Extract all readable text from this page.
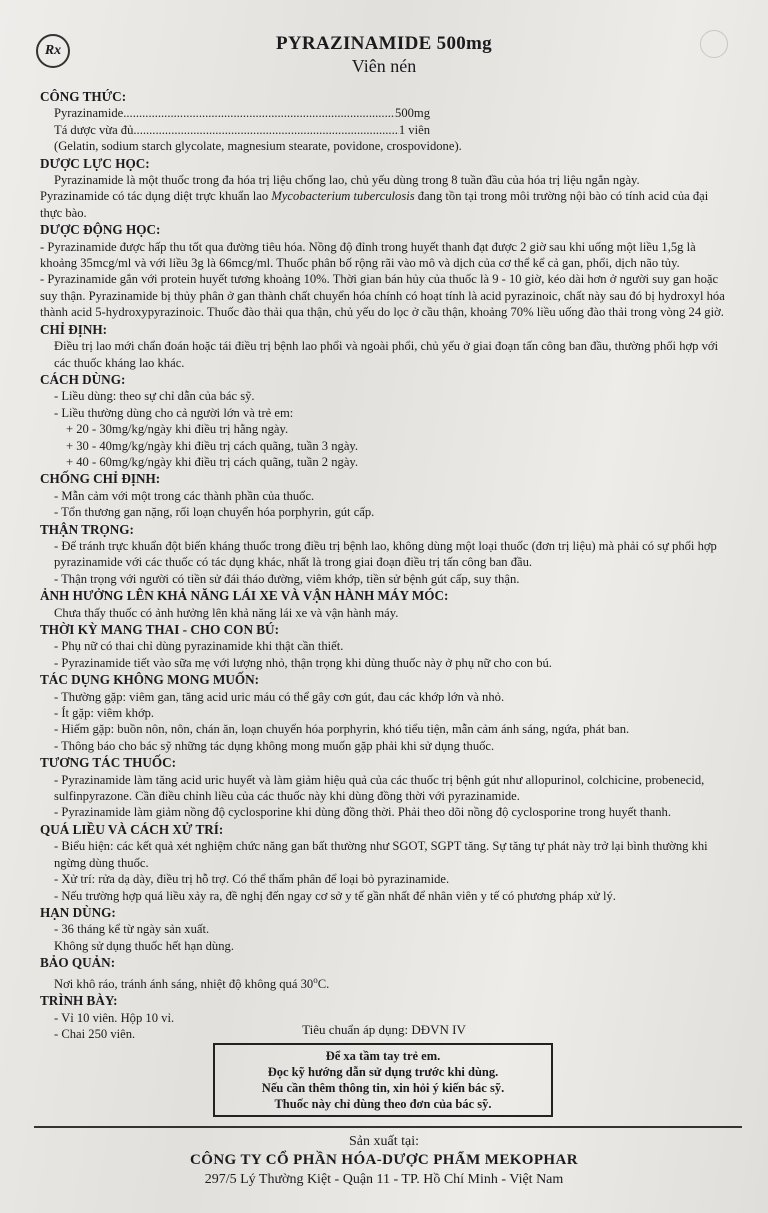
Rx	PYRAZINAMIDE 500mg
Viên nén
CÔNG THỨC:
Pyrazinamide .....	500mg
Tá dược vừa đủ .....	1 viên
(Gelatin, sodium starch glycolate, magnesium stearate, povidone, crospovidone).
DƯỢC LỰC HỌC:
Pyrazinamide là một thuốc trong đa hóa trị liệu chống lao, chủ yếu dùng trong 8 tuần đầu của hóa trị liệu ngắn ngày.
Pyrazinamide có tác dụng diệt trực khuẩn lao Mycobacterium tuberculosis đang tồn tại trong môi trường nội bào có tính acid của đại thực bào.
DƯỢC ĐỘNG HỌC:
- Pyrazinamide được hấp thu tốt qua đường tiêu hóa. Nồng độ đỉnh trong huyết thanh đạt được 2 giờ sau khi uống một liều 1,5g là khoảng 35mcg/ml và với liều 3g là 66mcg/ml. Thuốc phân bố rộng rãi vào mô và dịch của cơ thể kể cả gan, phổi, dịch não tủy.
- Pyrazinamide gắn với protein huyết tương khoảng 10%. Thời gian bán hủy của thuốc là 9 - 10 giờ, kéo dài hơn ở người suy gan hoặc suy thận. Pyrazinamide bị thủy phân ở gan thành chất chuyển hóa chính có hoạt tính là acid pyrazinoic, chất này sau đó bị hydroxyl hóa thành acid 5-hydroxypyrazinoic. Thuốc đào thải qua thận, chủ yếu do lọc ở cầu thận, khoảng 70% liều uống đào thải trong vòng 24 giờ.
CHỈ ĐỊNH:
Điều trị lao mới chẩn đoán hoặc tái điều trị bệnh lao phổi và ngoài phổi, chủ yếu ở giai đoạn tấn công ban đầu, thường phối hợp với các thuốc kháng lao khác.
CÁCH DÙNG:
- Liều dùng: theo sự chỉ dẫn của bác sỹ.
- Liều thường dùng cho cả người lớn và trẻ em:
+ 20 - 30mg/kg/ngày khi điều trị hằng ngày.
+ 30 - 40mg/kg/ngày khi điều trị cách quãng, tuần 3 ngày.
+ 40 - 60mg/kg/ngày khi điều trị cách quãng, tuần 2 ngày.
CHỐNG CHỈ ĐỊNH:
- Mẫn cảm với một trong các thành phần của thuốc.
- Tổn thương gan nặng, rối loạn chuyển hóa porphyrin, gút cấp.
THẬN TRỌNG:
- Để tránh trực khuẩn đột biến kháng thuốc trong điều trị bệnh lao, không dùng một loại thuốc (đơn trị liệu) mà phải có sự phối hợp pyrazinamide với các thuốc có tác dụng khác, nhất là trong giai đoạn điều trị tấn công ban đầu.
- Thận trọng với người có tiền sử đái tháo đường, viêm khớp, tiền sử bệnh gút cấp, suy thận.
ẢNH HƯỞNG LÊN KHẢ NĂNG LÁI XE VÀ VẬN HÀNH MÁY MÓC:
Chưa thấy thuốc có ảnh hưởng lên khả năng lái xe và vận hành máy.
THỜI KỲ MANG THAI - CHO CON BÚ:
- Phụ nữ có thai chỉ dùng pyrazinamide khi thật cần thiết.
- Pyrazinamide tiết vào sữa mẹ với lượng nhỏ, thận trọng khi dùng thuốc này ở phụ nữ cho con bú.
TÁC DỤNG KHÔNG MONG MUỐN:
- Thường gặp: viêm gan, tăng acid uric máu có thể gây cơn gút, đau các khớp lớn và nhỏ.
- Ít gặp: viêm khớp.
- Hiếm gặp: buồn nôn, nôn, chán ăn, loạn chuyển hóa porphyrin, khó tiểu tiện, mẫn cảm ánh sáng, ngứa, phát ban.
- Thông báo cho bác sỹ những tác dụng không mong muốn gặp phải khi sử dụng thuốc.
TƯƠNG TÁC THUỐC:
- Pyrazinamide làm tăng acid uric huyết và làm giảm hiệu quả của các thuốc trị bệnh gút như allopurinol, colchicine, probenecid, sulfinpyrazone. Cần điều chỉnh liều của các thuốc này khi dùng đồng thời với pyrazinamide.
- Pyrazinamide làm giảm nồng độ cyclosporine khi dùng đồng thời. Phải theo dõi nồng độ cyclosporine trong huyết thanh.
QUÁ LIỀU VÀ CÁCH XỬ TRÍ:
- Biểu hiện: các kết quả xét nghiệm chức năng gan bất thường như SGOT, SGPT tăng. Sự tăng tự phát này trở lại bình thường khi ngừng dùng thuốc.
- Xử trí: rửa dạ dày, điều trị hỗ trợ. Có thể thẩm phân để loại bỏ pyrazinamide.
- Nếu trường hợp quá liều xảy ra, đề nghị đến ngay cơ sở y tế gần nhất để nhân viên y tế có phương pháp xử lý.
HẠN DÙNG:
- 36 tháng kể từ ngày sản xuất.
Không sử dụng thuốc hết hạn dùng.
BẢO QUẢN:
Nơi khô ráo, tránh ánh sáng, nhiệt độ không quá 30$^o$C.
TRÌNH BÀY:
- Vỉ 10 viên. Hộp 10 vỉ.
- Chai 250 viên.	Tiêu chuẩn áp dụng: DĐVN IV
Để xa tầm tay trẻ em.
Đọc kỹ hướng dẫn sử dụng trước khi dùng.
Nếu cần thêm thông tin, xin hỏi ý kiến bác sỹ.
Thuốc này chỉ dùng theo đơn của bác sỹ.
Sản xuất tại:
CÔNG TY CỔ PHẦN HÓA-DƯỢC PHẨM MEKOPHAR
297/5 Lý Thường Kiệt - Quận 11 - TP. Hồ Chí Minh - Việt Nam
